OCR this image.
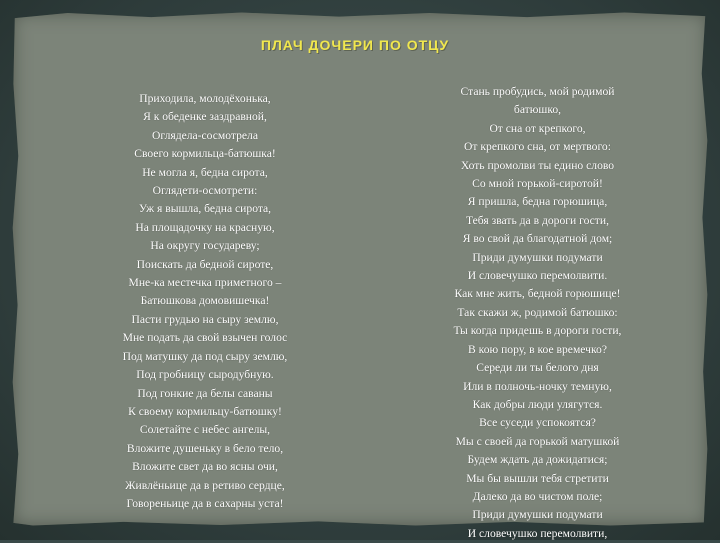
ПЛАЧ ДОЧЕРИ ПО ОТЦУ
Приходила, молодёхонька,
Я к обеденке заздравной,
Огляделa-сосмотрела
Своего кормильца-батюшка!
Не могла я, бедна сирота,
Оглядети-осмотрети:
Уж я вышла, бедна сирота,
На площадочку на красную,
На округу государеву;
Поискать да бедной сироте,
Мне-ка местечка приметного –
Батюшкова домовишечка!
Пасти грудью на сыру землю,
Мне подать да свой взычен голос
Под матушку да под сыру землю,
Под гробницу сыродубную.
Под гонкие да белы саваны
К своему кормильцу-батюшку!
Солетайте с небес ангелы,
Вложите душеньку в бело тело,
Вложите свет да во ясны очи,
Живлёньице да в ретиво сердце,
Говореньице да в сахарны уста!
Стань пробудись, мой родимой
батюшко,
От сна от крепкого,
От крепкого сна, от мертвого:
Хоть промолви ты едино слово
Со мной горькой-сиротой!
Я пришла, бедна горюшица,
Тебя звать да в дороги гости,
Я во свой да благодатной дом;
Приди думушки подумати
И словечушко перемолвити.
Как мне жить, бедной горюшице!
Так скажи ж, родимой батюшко:
Ты когда придешь в дороги гости,
В кою пору, в кое времечко?
Середи ли ты белого дня
Или в полночь-ночку темную,
Как добры люди улягутся.
Все суседи успокоятся?
Мы с своей да горькой матушкой
Будем ждать да дожидатися;
Мы бы вышли тебя стретити
Далеко да во чистом поле;
Приди думушки подумати
И словечушко перемолвити,
